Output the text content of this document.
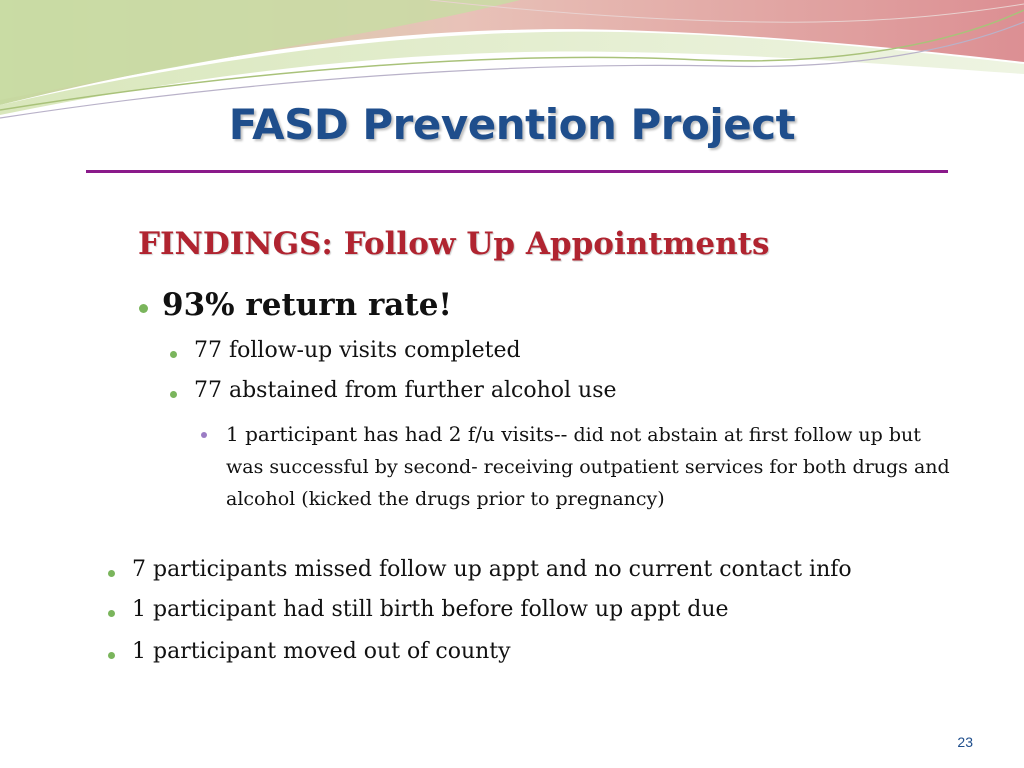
FASD Prevention Project
FINDINGS: Follow Up Appointments
93% return rate!
77 follow-up visits completed
77 abstained from further alcohol use
1 participant has had 2 f/u visits-- did not abstain at first follow up but was successful by second- receiving outpatient services for both drugs and alcohol (kicked the drugs prior to pregnancy)
7 participants missed follow up appt and no current contact info
1 participant had still birth before follow up appt due
1 participant moved out of county
23
